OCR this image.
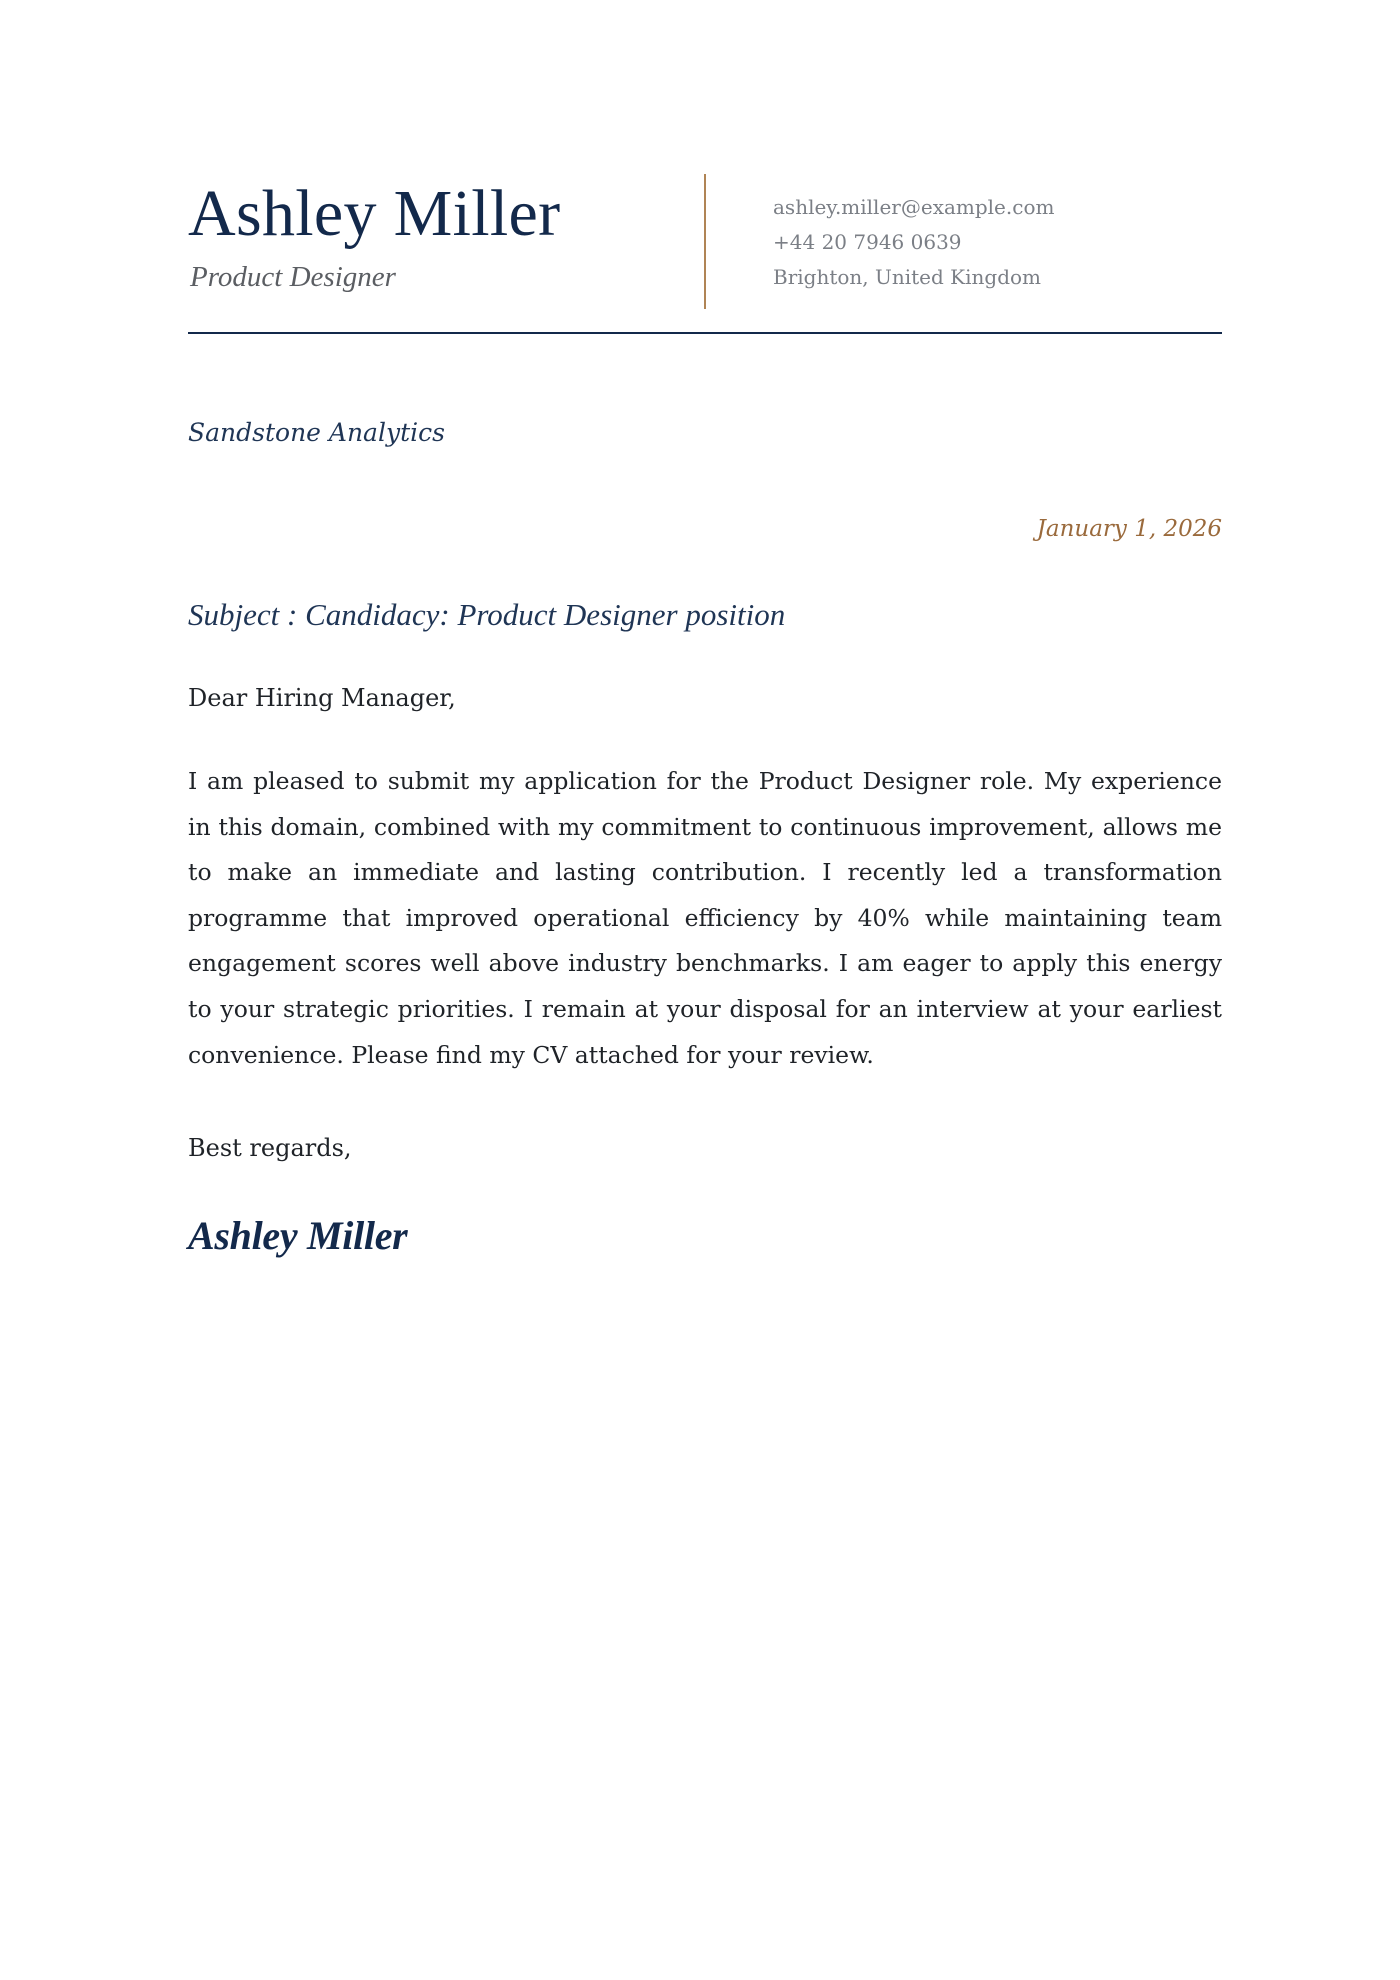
Ashley Miller
Product Designer
ashley.miller@example.com
+44 20 7946 0639
Brighton, United Kingdom
Sandstone Analytics
January 1, 2026
Subject : Candidacy: Product Designer position
Dear Hiring Manager,

I am pleased to submit my application for the Product Designer role. My experience in this domain, combined with my commitment to continuous improvement, allows me to make an immediate and lasting contribution. I recently led a transformation programme that improved operational efficiency by 40% while maintaining team engagement scores well above industry benchmarks. I am eager to apply this energy to your strategic priorities. I remain at your disposal for an interview at your earliest convenience. Please find my CV attached for your review.

Best regards,
Ashley Miller
